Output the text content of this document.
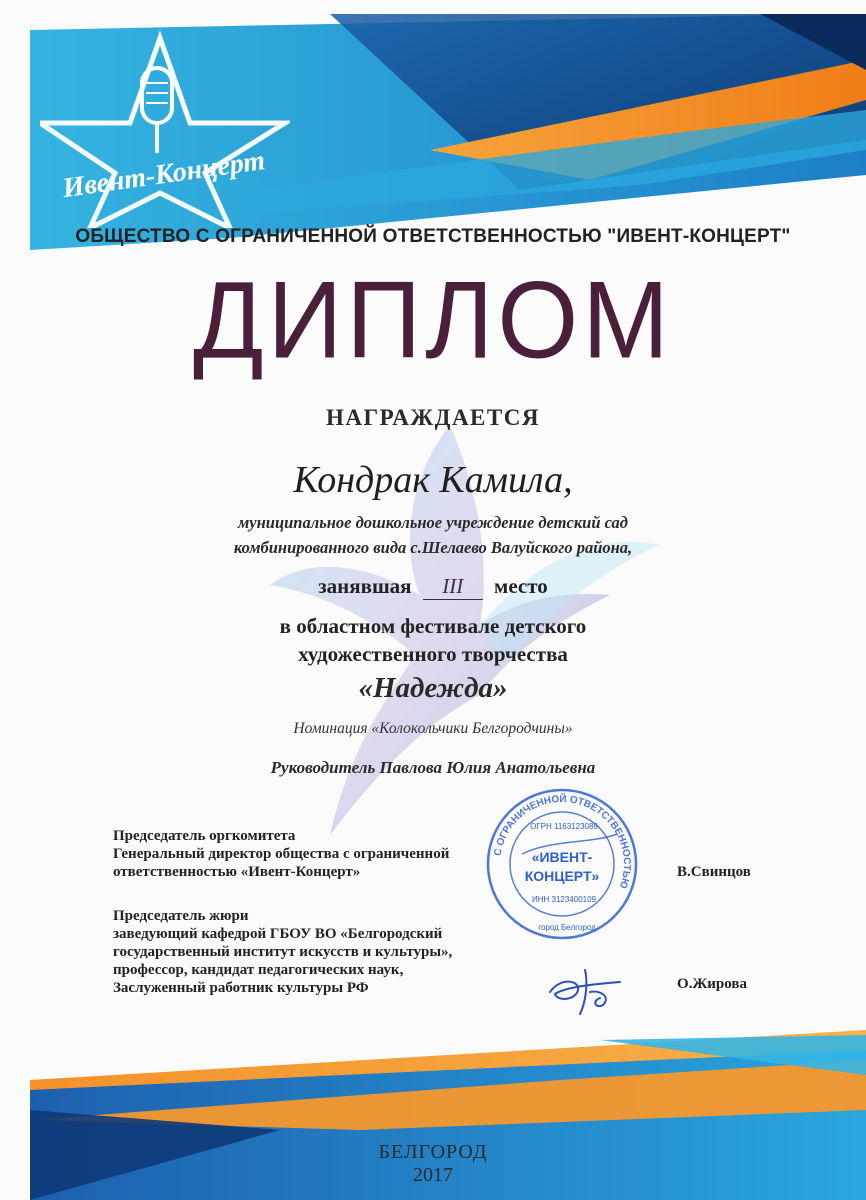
Ивент-Концерт
ОБЩЕСТВО С ОГРАНИЧЕННОЙ ОТВЕТСТВЕННОСТЬЮ "ИВЕНТ-КОНЦЕРТ"
ДИПЛОМ
НАГРАЖДАЕТСЯ
Кондрак Камила,
муниципальное дошкольное учреждение детский сад
комбинированного вида с.Шелаево Валуйского района,
занявшая III место
в областном фестивале детского
художественного творчества
«Надежда»
Номинация «Колокольчики Белгородчины»
Руководитель Павлова Юлия Анатольевна
Председатель оргкомитета
Генеральный директор общества с ограниченной
ответственностью «Ивент-Концерт»	В.Свинцов
Председатель жюри
заведующий кафедрой ГБОУ ВО «Белгородский
государственный институт искусств и культуры»,
профессор, кандидат педагогических наук,
Заслуженный работник культуры РФ	О.Жирова
С ОГРАНИЧЕННОЙ ОТВЕТСТВЕННОСТЬЮ
ОГРН 1163123089
«ИВЕНТ-
КОНЦЕРТ»
ИНН 3123400109
город Белгород
БЕЛГОРОД
2017
